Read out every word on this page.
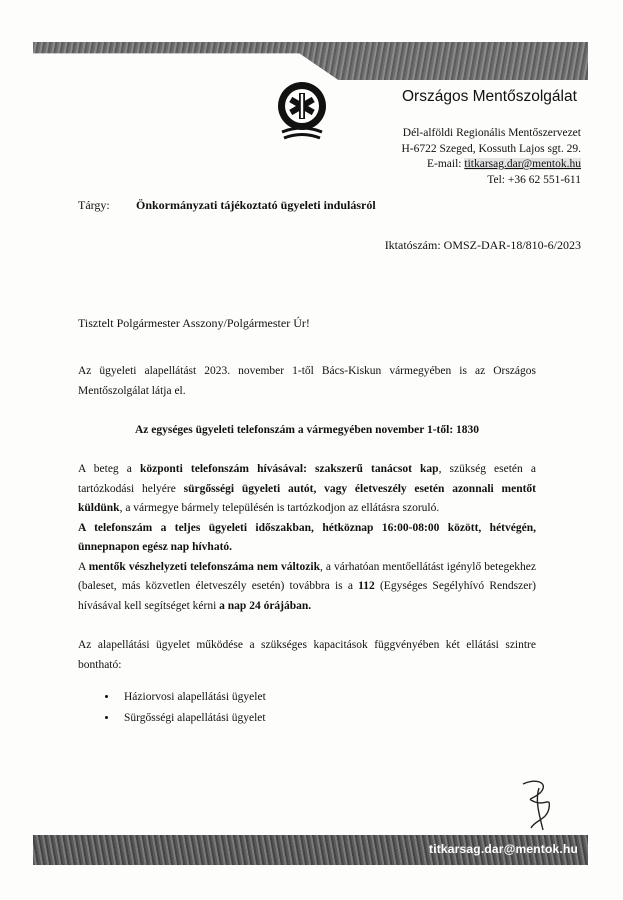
Országos Mentőszolgálat
Dél-alföldi Regionális Mentőszervezet
H-6722 Szeged, Kossuth Lajos sgt. 29.
E-mail: titkarsag.dar@mentok.hu
Tel: +36 62 551-611
Tárgy: Önkormányzati tájékoztató ügyeleti indulásról
Iktatószám: OMSZ-DAR-18/810-6/2023
Tisztelt Polgármester Asszony/Polgármester Úr!
Az ügyeleti alapellátást 2023. november 1-től Bács-Kiskun vármegyében is az Országos Mentőszolgálat látja el.
Az egységes ügyeleti telefonszám a vármegyében november 1-től: 1830
A beteg a központi telefonszám hívásával: szakszerű tanácsot kap, szükség esetén a tartózkodási helyére sürgősségi ügyeleti autót, vagy életveszély esetén azonnali mentőt küldünk, a vármegye bármely településén is tartózkodjon az ellátásra szoruló.
A telefonszám a teljes ügyeleti időszakban, hétköznap 16:00-08:00 között, hétvégén, ünnepnapon egész nap hívható.
A mentők vészhelyzeti telefonszáma nem változik, a várhatóan mentőellátást igénylő betegekhez (baleset, más közvetlen életveszély esetén) továbbra is a 112 (Egységes Segélyhívó Rendszer) hívásával kell segítséget kérni a nap 24 órájában.
Az alapellátási ügyelet működése a szükséges kapacitások függvényében két ellátási szintre bontható:
• Háziorvosi alapellátási ügyelet
• Sürgősségi alapellátási ügyelet
titkarsag.dar@mentok.hu
